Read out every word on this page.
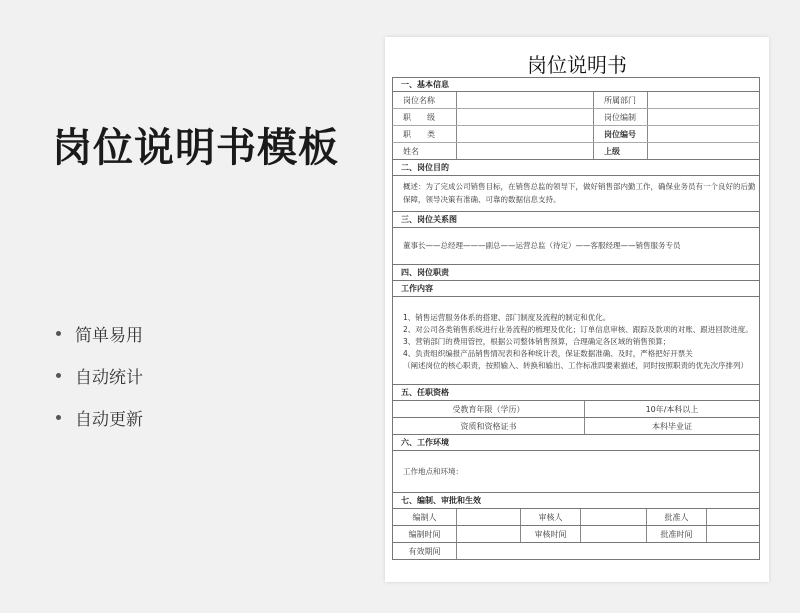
岗位说明书模板
简单易用
自动统计
自动更新
岗位说明书
一、基本信息
岗位名称	所属部门
职　　级	岗位编制
职　　类	岗位编号
姓名	上级
二、岗位目的
概述：为了完成公司销售目标，在销售总监的领导下，做好销售部内勤工作，确保业务员有一个良好的后勤
保障，领导决策有准确、可靠的数据信息支持。
三、岗位关系图
董事长——总经理———副总——运营总监（待定）——客服经理——销售服务专员
四、岗位职责
工作内容
1、销售运营服务体系的搭建、部门制度及流程的制定和优化。
2、对公司各类销售系统进行业务流程的梳理及优化；订单信息审核、跟踪及款项的对账、跟进回款进度。
3、营销部门的费用管控，根据公司整体销售预算，合理确定各区域的销售预算；
4、负责组织编报产品销售情况表和各种统计表，保证数据准确、及时，严格把好开票关
（阐述岗位的核心职责，按照输入、转换和输出、工作标准四要素描述，同时按照职责的优先次序排列）
五、任职资格
受教育年限（学历）	10年/本科以上
资质和资格证书	本科毕业证
六、工作环境
工作地点和环境：
七、编制、审批和生效
编制人	审核人	批准人
编制时间	审核时间	批准时间
有效期间
